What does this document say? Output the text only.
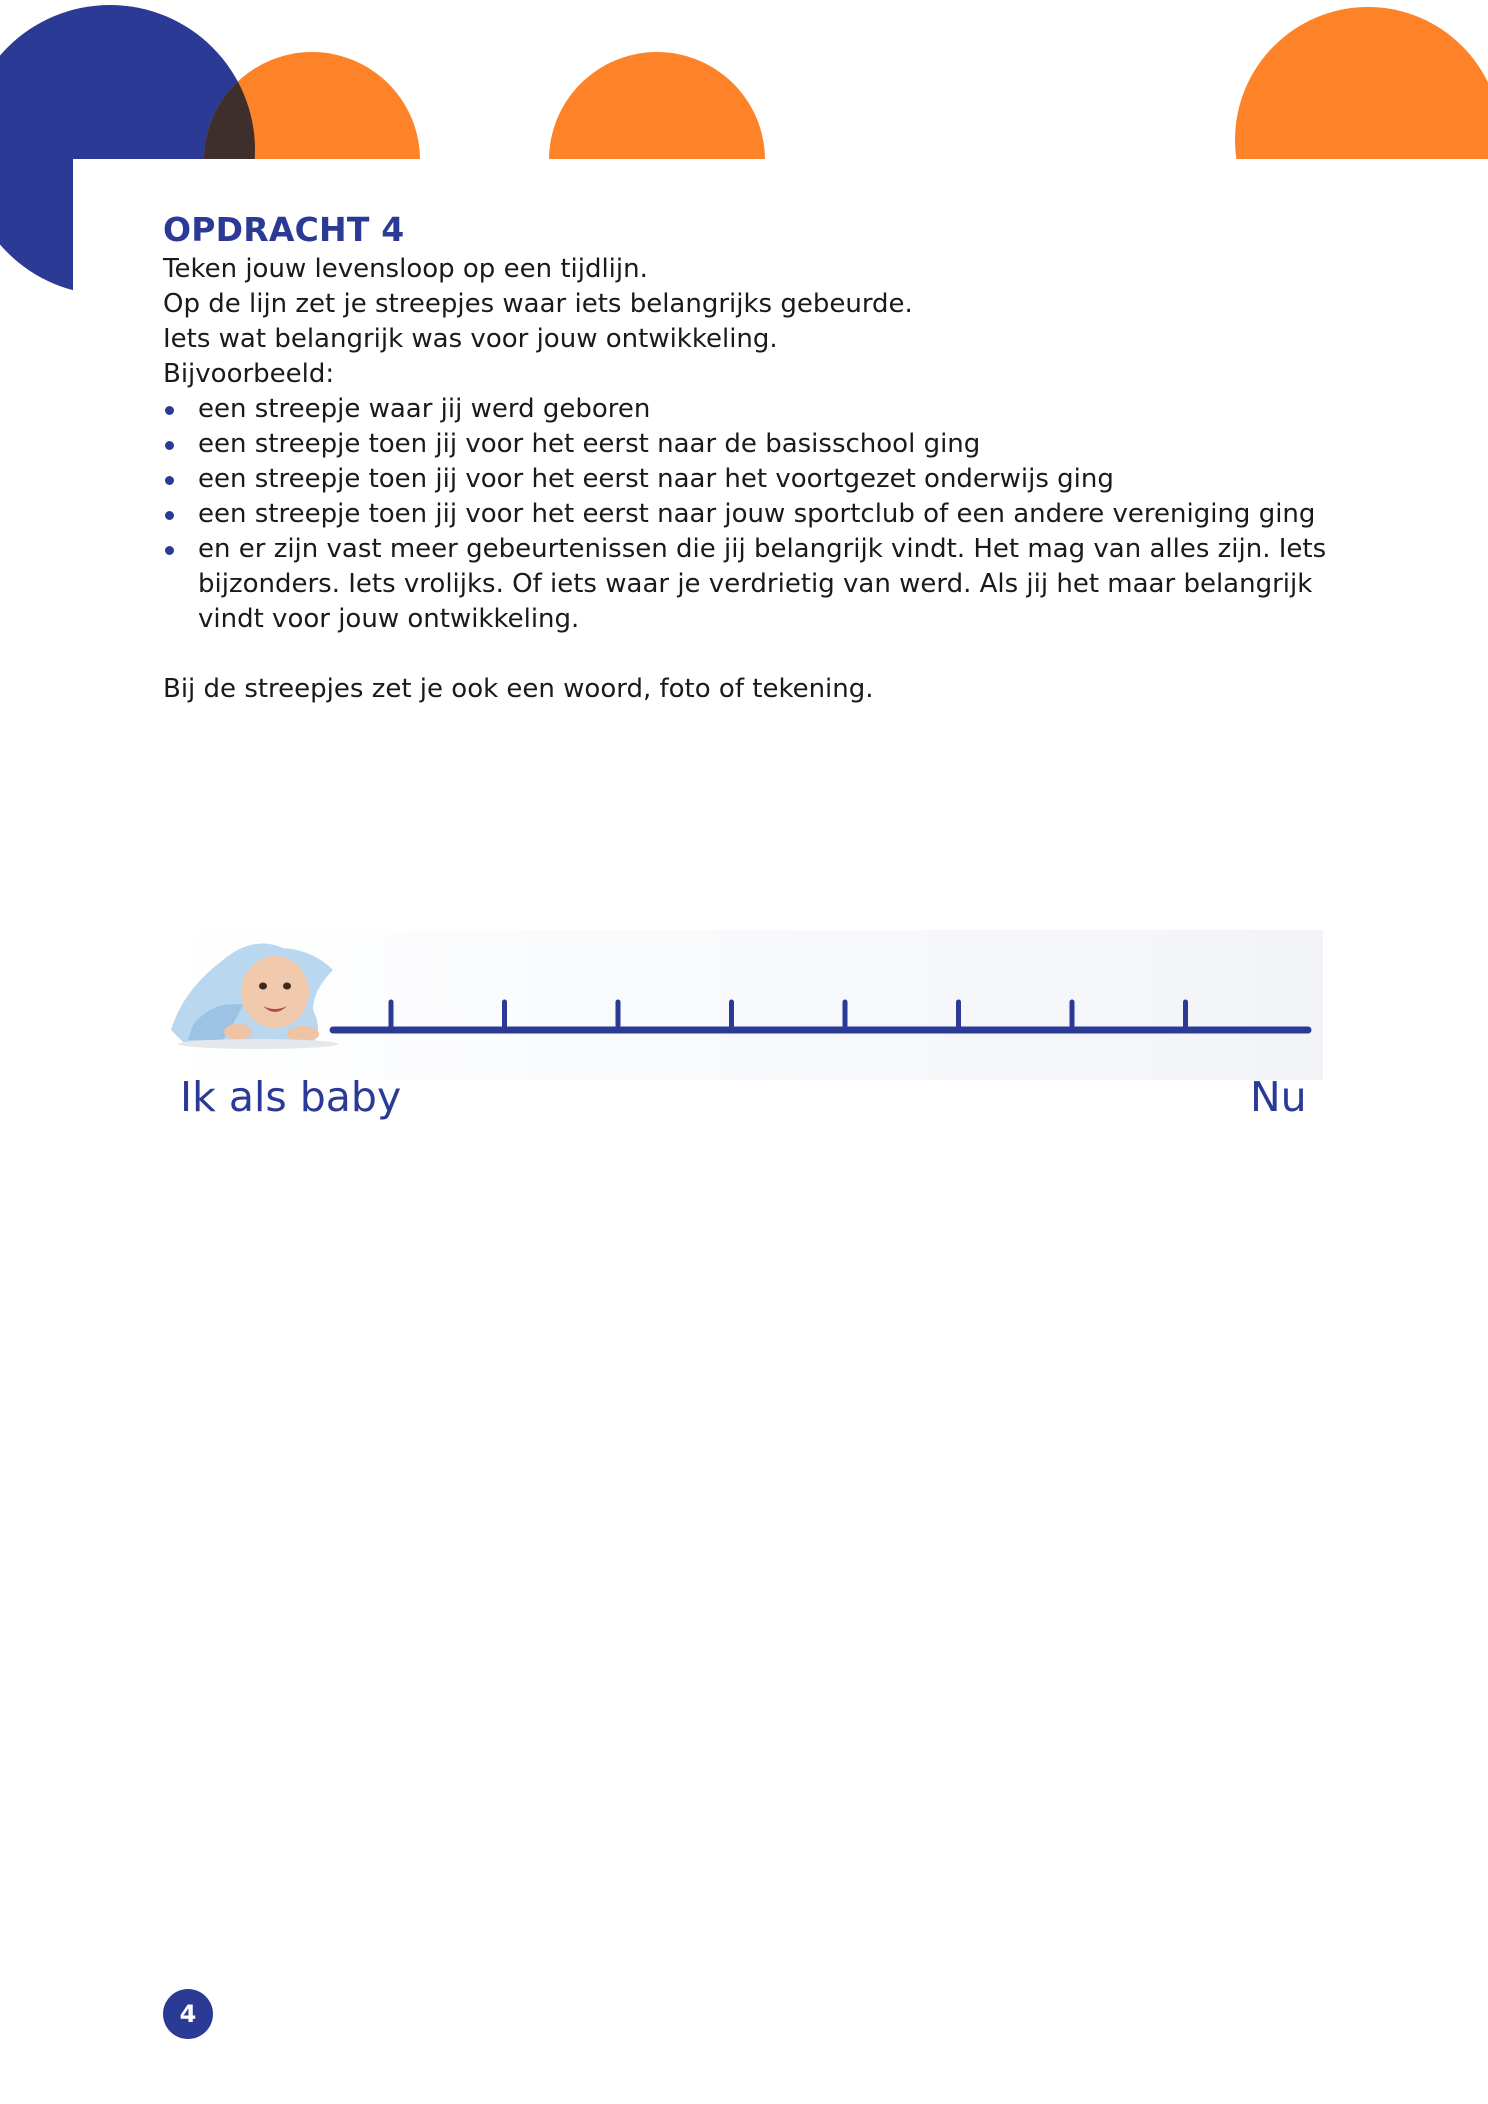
OPDRACHT 4
Teken jouw levensloop op een tijdlijn.
Op de lijn zet je streepjes waar iets belangrijks gebeurde.
Iets wat belangrijk was voor jouw ontwikkeling.
Bijvoorbeeld:
een streepje waar jij werd geboren
een streepje toen jij voor het eerst naar de basisschool ging
een streepje toen jij voor het eerst naar het voortgezet onderwijs ging
een streepje toen jij voor het eerst naar jouw sportclub of een andere vereniging ging
en er zijn vast meer gebeurtenissen die jij belangrijk vindt. Het mag van alles zijn. Iets bijzonders. Iets vrolijks. Of iets waar je verdrietig van werd. Als jij het maar belangrijk vindt voor jouw ontwikkeling.
Bij de streepjes zet je ook een woord, foto of tekening.
Ik als baby	Nu
4
